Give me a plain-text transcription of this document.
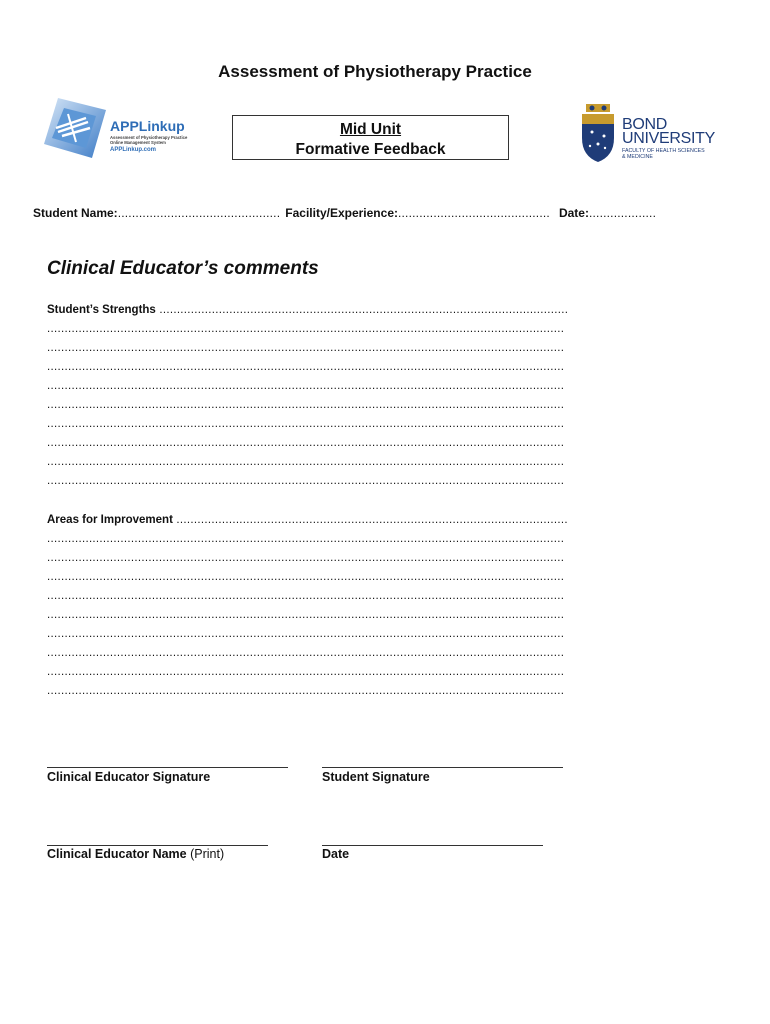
Assessment of Physiotherapy Practice
APPLinkup
Assessment of Physiotherapy Practice
Online Management System
APPLinkup.com
Mid Unit
Formative Feedback
BOND
UNIVERSITY
FACULTY OF HEALTH SCIENCES
& MEDICINE
Student Name: .............................................. Facility/Experience: ........................................... Date: ...................
Clinical Educator’s comments
Student’s Strengths .....................................................................................................................
....................................................................................................................................................
....................................................................................................................................................
....................................................................................................................................................
....................................................................................................................................................
....................................................................................................................................................
....................................................................................................................................................
....................................................................................................................................................
....................................................................................................................................................
....................................................................................................................................................
Areas for Improvement ................................................................................................................
....................................................................................................................................................
....................................................................................................................................................
....................................................................................................................................................
....................................................................................................................................................
....................................................................................................................................................
....................................................................................................................................................
....................................................................................................................................................
....................................................................................................................................................
....................................................................................................................................................
Clinical Educator Signature	Student Signature
Clinical Educator Name (Print)	Date
